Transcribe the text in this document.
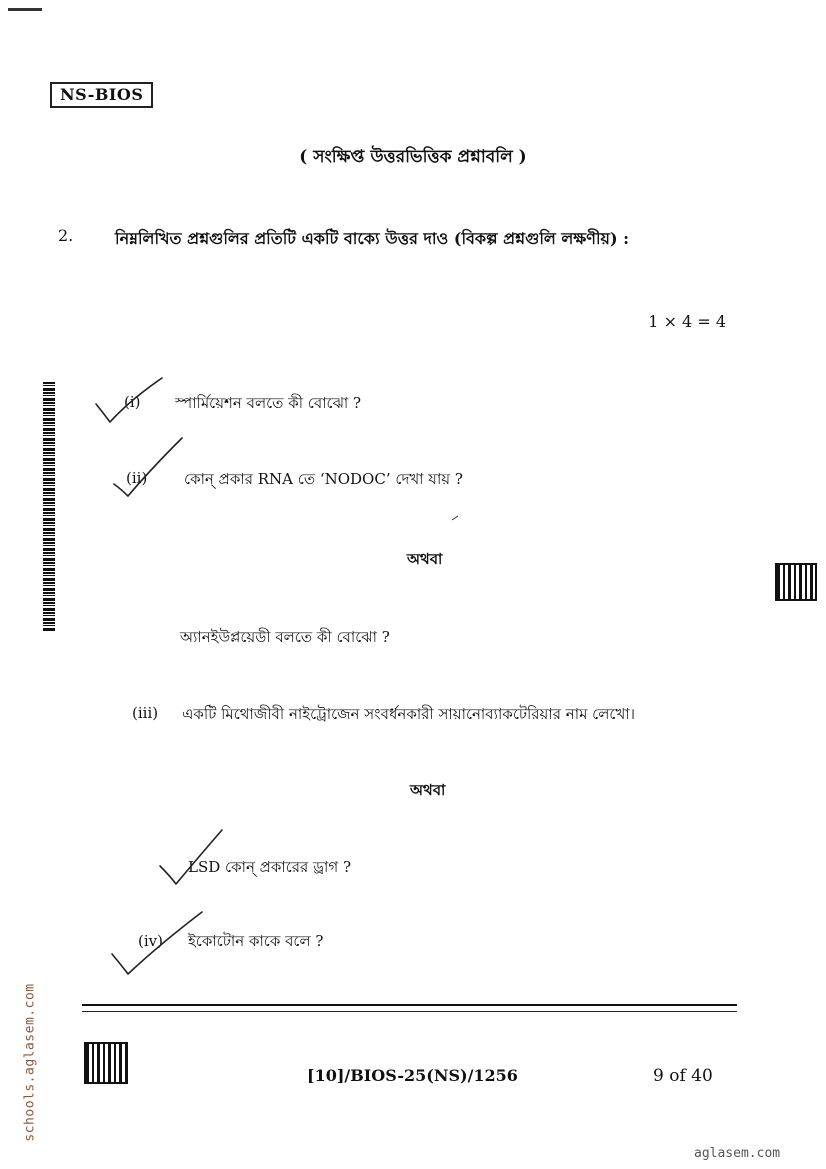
NS-BIOS
( সংক্ষিপ্ত উত্তরভিত্তিক প্রশ্নাবলি )
2.	নিম্নলিখিত প্রশ্নগুলির প্রতিটি একটি বাক্যে উত্তর দাও (বিকল্প প্রশ্নগুলি লক্ষণীয়) :
1 × 4 = 4
(i) স্পার্মিয়েশন বলতে কী বোঝো ?
(ii) কোন্ প্রকার RNA তে ‘NODOC’ দেখা যায় ?
অথবা
অ্যানইউপ্লয়েডী বলতে কী বোঝো ?
(iii) একটি মিথোজীবী নাইট্রোজেন সংবর্ধনকারী সায়ানোব্যাকটেরিয়ার নাম লেখো।
অথবা
LSD কোন্ প্রকারের ড্রাগ ?
(iv) ইকোটোন কাকে বলে ?
[10]/BIOS-25(NS)/1256	9 of 40
schools.aglasem.com
aglasem.com
